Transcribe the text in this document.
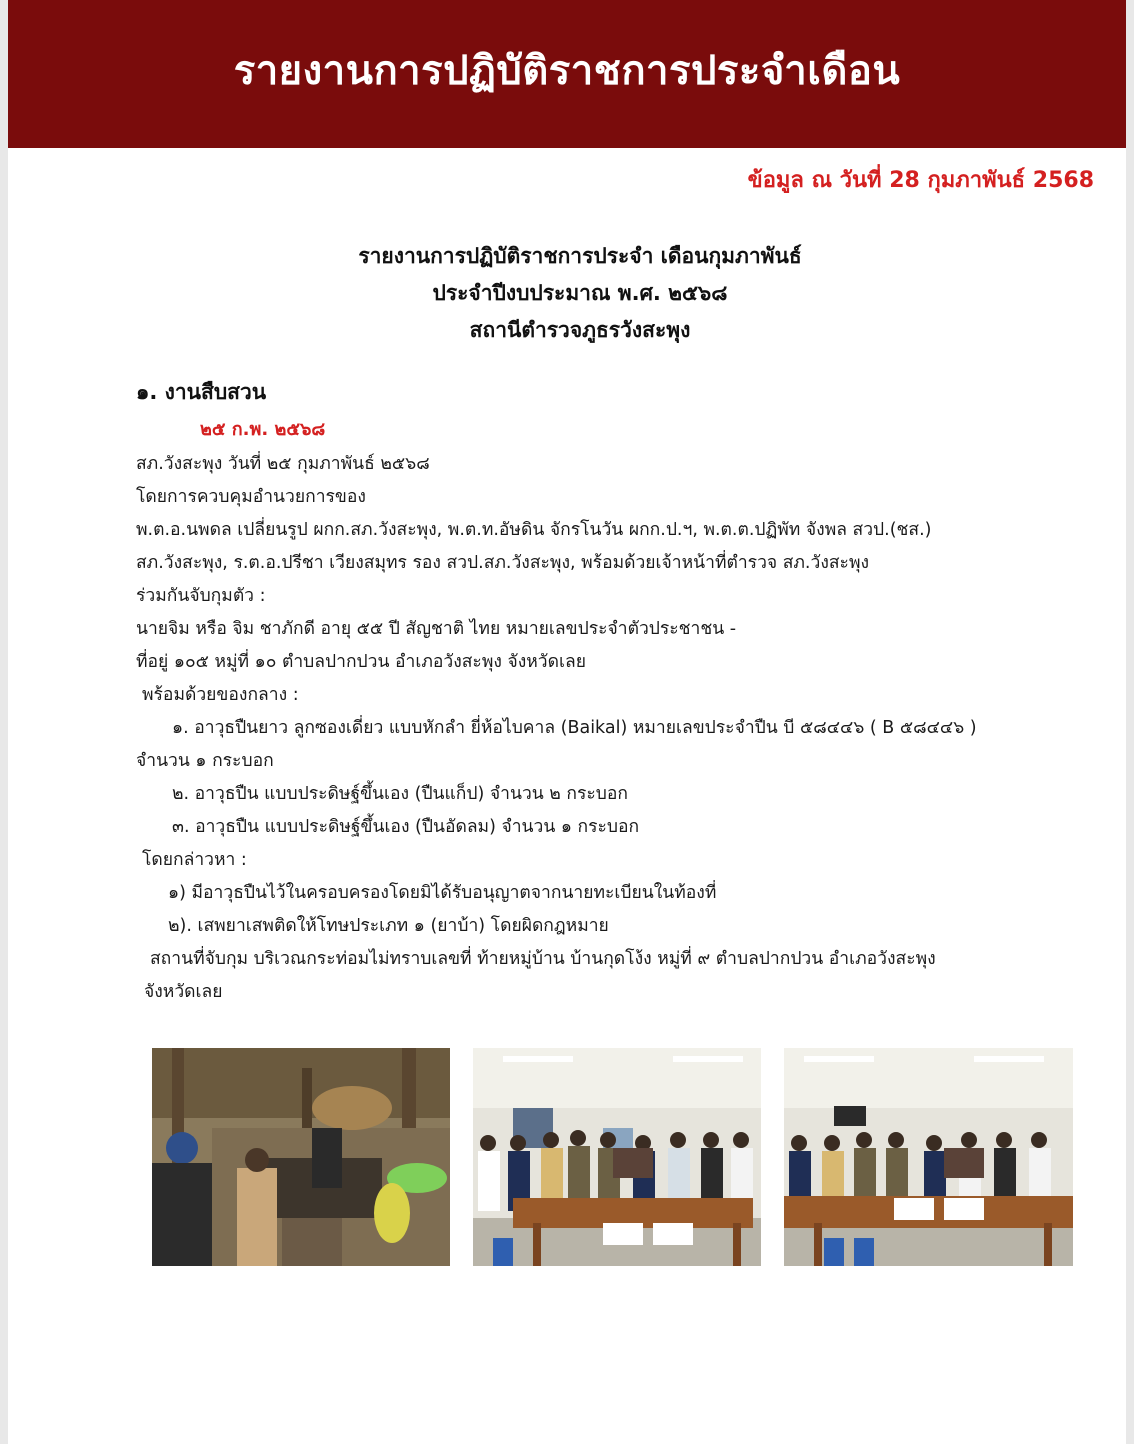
รายงานการปฏิบัติราชการประจำเดือน
ข้อมูล ณ วันที่ 28 กุมภาพันธ์ 2568
รายงานการปฏิบัติราชการประจำ เดือนกุมภาพันธ์
ประจำปีงบประมาณ พ.ศ. ๒๕๖๘
สถานีตำรวจภูธรวังสะพุง
๑. งานสืบสวน
๒๕ ก.พ. ๒๕๖๘
สภ.วังสะพุง วันที่ ๒๕ กุมภาพันธ์ ๒๕๖๘
โดยการควบคุมอำนวยการของ
พ.ต.อ.นพดล เปลี่ยนรูป ผกก.สภ.วังสะพุง, พ.ต.ท.อัษดิน จักรโนวัน ผกก.ป.ฯ, พ.ต.ต.ปฏิพัท จังพล สวป.(ชส.)
สภ.วังสะพุง, ร.ต.อ.ปรีชา เวียงสมุทร รอง สวป.สภ.วังสะพุง, พร้อมด้วยเจ้าหน้าที่ตำรวจ สภ.วังสะพุง
ร่วมกันจับกุมตัว :
นายจิม หรือ จิม ชาภักดี อายุ ๕๕ ปี สัญชาติ ไทย หมายเลขประจำตัวประชาชน -
ที่อยู่ ๑๐๕ หมู่ที่ ๑๐ ตำบลปากปวน อำเภอวังสะพุง จังหวัดเลย
พร้อมด้วยของกลาง :
๑. อาวุธปืนยาว ลูกซองเดี่ยว แบบหักลำ ยี่ห้อไบคาล (Baikal) หมายเลขประจำปืน บี ๕๘๔๔๖ ( B ๕๘๔๔๖ )
จำนวน ๑ กระบอก
๒. อาวุธปืน แบบประดิษฐ์ขึ้นเอง (ปืนแก็ป) จำนวน ๒ กระบอก
๓. อาวุธปืน แบบประดิษฐ์ขึ้นเอง (ปืนอัดลม) จำนวน ๑ กระบอก
โดยกล่าวหา :
๑) มีอาวุธปืนไว้ในครอบครองโดยมิได้รับอนุญาตจากนายทะเบียนในท้องที่
๒). เสพยาเสพติดให้โทษประเภท ๑ (ยาบ้า) โดยผิดกฎหมาย
สถานที่จับกุม บริเวณกระท่อมไม่ทราบเลขที่ ท้ายหมู่บ้าน บ้านกุดโง้ง หมู่ที่ ๙ ตำบลปากปวน อำเภอวังสะพุง
จังหวัดเลย
